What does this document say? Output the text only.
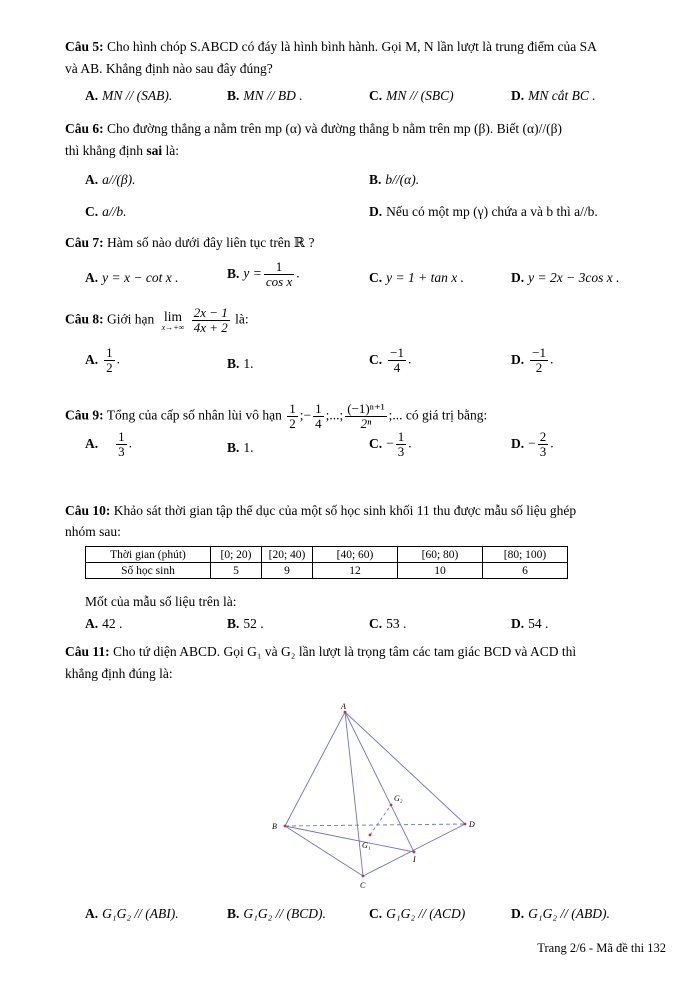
Câu 5: Cho hình chóp S.ABCD có đáy là hình bình hành. Gọi M, N lần lượt là trung điểm của SA
và AB. Khẳng định nào sau đây đúng?
A. MN // (SAB).	B. MN // BD .	C. MN // (SBC)	D. MN cắt BC .
Câu 6: Cho đường thẳng a nằm trên mp (α) và đường thẳng b nằm trên mp (β). Biết (α)//(β)
thì khẳng định sai là:
A. a//(β).	B. b//(α).
C. a//b.	D. Nếu có một mp (γ) chứa a và b thì a//b.
Câu 7: Hàm số nào dưới đây liên tục trên ℝ ?
A. y = x − cot x .	B. $y = \frac{1}{\text{cos x}}$ .	C. y = 1 + tan x .	D. y = 2x − 3cos x .
Câu 8: Giới hạn lim
x→+∞
$\frac{2x - 1}{4x + 2}$ là:
A. $\frac{1}{2}$ .	B. 1.	C. $\frac{-1}{4}$ .	D. $\frac{-1}{2}$ .
Câu 9: Tổng của cấp số nhân lùi vô hạn $\frac{1}{2}$ ;− $\frac{1}{4}$ ;...; $\frac{\text{(−1)ⁿ⁺¹}}{\text{2ⁿ}}$ ;... có giá trị bằng:
A. $\frac{1}{3}$ .	B. 1.	C. − $\frac{1}{3}$ .	D. − $\frac{2}{3}$ .
Câu 10: Khảo sát thời gian tập thể dục của một số học sinh khối 11 thu được mẫu số liệu ghép
nhóm sau:
Thời gian (phút)	[0; 20)	[20; 40)	[40; 60)	[60; 80)	[80; 100)
Số học sinh	5	9	12	10	6
Mốt của mẫu số liệu trên là:
A. 42 .	B. 52 .	C. 53 .	D. 54 .
Câu 11: Cho tứ diện ABCD. Gọi G₁ và G₂ lần lượt là trọng tâm các tam giác BCD và ACD thì
khẳng định đúng là:
A. G₁G₂ // (ABI).	B. G₁G₂ // (BCD).	C. G₁G₂ // (ACD)	D. G₁G₂ // (ABD).
A
B
C
D
G₁
G₂
I
Trang 2/6 - Mã đề thi 132
